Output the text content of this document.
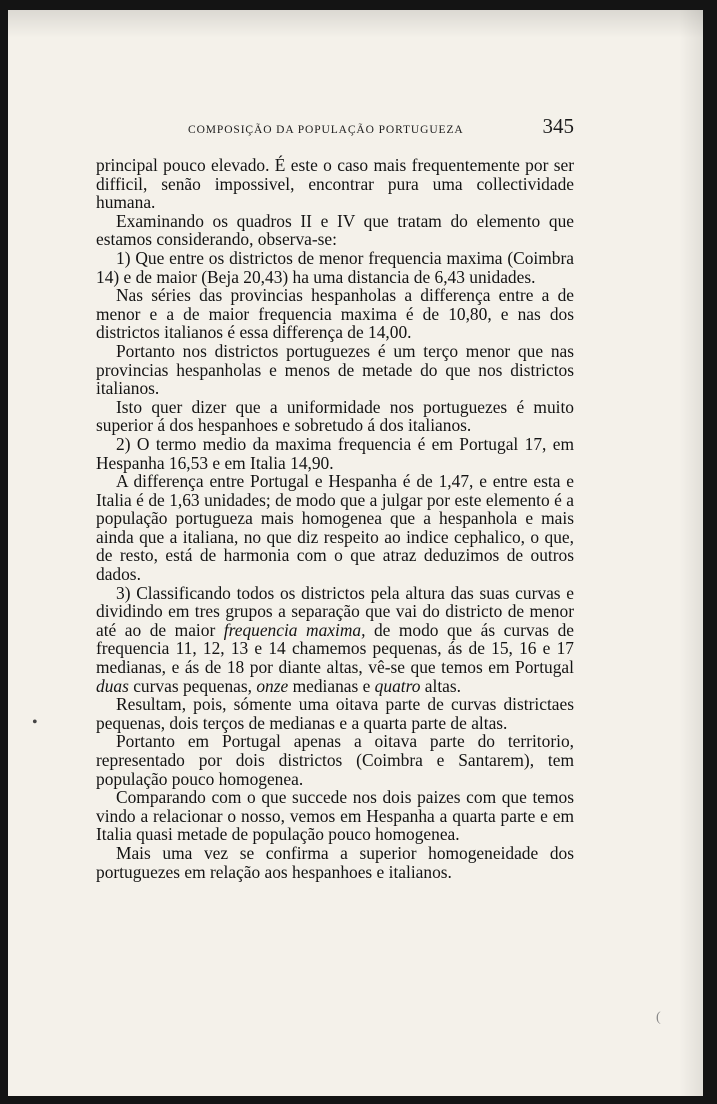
COMPOSIÇÃO DA POPULAÇÃO PORTUGUEZA	345

principal pouco elevado. É este o caso mais frequentemente por ser difficil, senão impossivel, encontrar pura uma collectividade humana.

Examinando os quadros II e IV que tratam do elemento que estamos considerando, observa-se:

1) Que entre os districtos de menor frequencia maxima (Coimbra 14) e de maior (Beja 20,43) ha uma distancia de 6,43 unidades.

Nas séries das provincias hespanholas a differença entre a de menor e a de maior frequencia maxima é de 10,80, e nas dos districtos italianos é essa differença de 14,00.

Portanto nos districtos portuguezes é um terço menor que nas provincias hespanholas e menos de metade do que nos districtos italianos.

Isto quer dizer que a uniformidade nos portuguezes é muito superior á dos hespanhoes e sobretudo á dos italianos.

2) O termo medio da maxima frequencia é em Portugal 17, em Hespanha 16,53 e em Italia 14,90.

A differença entre Portugal e Hespanha é de 1,47, e entre esta e Italia é de 1,63 unidades; de modo que a julgar por este elemento é a população portugueza mais homogenea que a hespanhola e mais ainda que a italiana, no que diz respeito ao indice cephalico, o que, de resto, está de harmonia com o que atraz deduzimos de outros dados.

3) Classificando todos os districtos pela altura das suas curvas e dividindo em tres grupos a separação que vai do districto de menor até ao de maior frequencia maxima, de modo que ás curvas de frequencia 11, 12, 13 e 14 chamemos pequenas, ás de 15, 16 e 17 medianas, e ás de 18 por diante altas, vê-se que temos em Portugal duas curvas pequenas, onze medianas e quatro altas.

Resultam, pois, sómente uma oitava parte de curvas districtaes pequenas, dois terços de medianas e a quarta parte de altas.

Portanto em Portugal apenas a oitava parte do territorio, representado por dois districtos (Coimbra e Santarem), tem população pouco homogenea.

Comparando com o que succede nos dois paizes com que temos vindo a relacionar o nosso, vemos em Hespanha a quarta parte e em Italia quasi metade de população pouco homogenea.

Mais uma vez se confirma a superior homogeneidade dos portuguezes em relação aos hespanhoes e italianos.

•
(
